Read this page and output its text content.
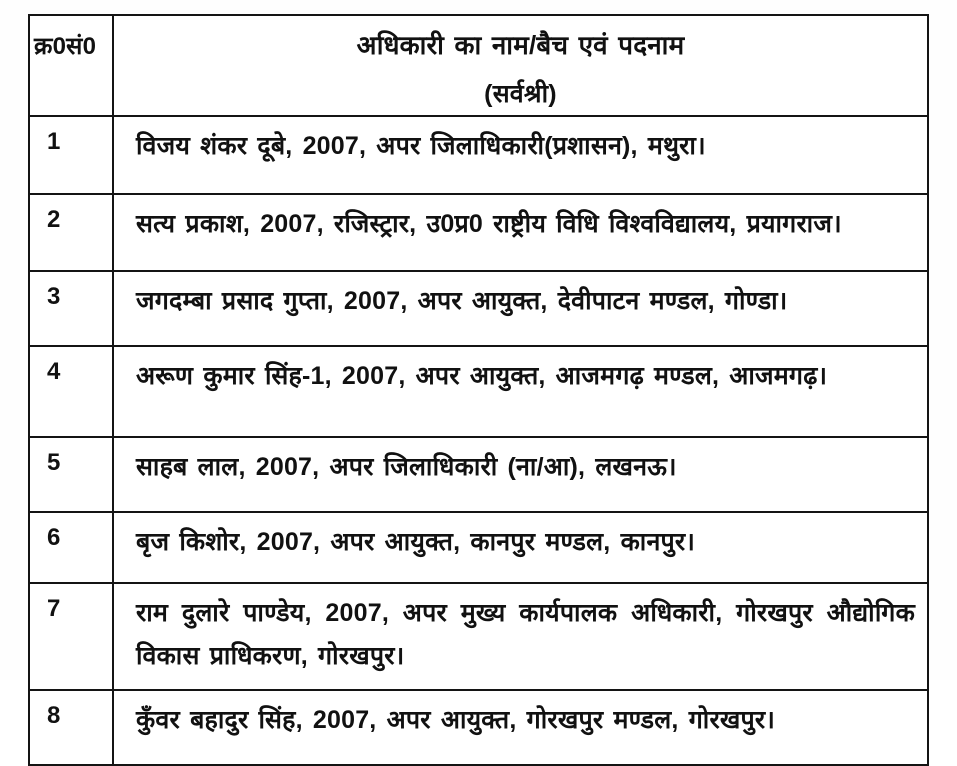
क्र0सं0	अधिकारी का नाम/बैच एवं पदनाम
(सर्वश्री)

1	विजय शंकर दूबे, 2007, अपर जिलाधिकारी(प्रशासन), मथुरा।
2	सत्य प्रकाश, 2007, रजिस्ट्रार, उ0प्र0 राष्ट्रीय विधि विश्वविद्यालय, प्रयागराज।
3	जगदम्बा प्रसाद गुप्ता, 2007, अपर आयुक्त, देवीपाटन मण्डल, गोण्डा।
4	अरूण कुमार सिंह-1, 2007, अपर आयुक्त, आजमगढ़ मण्डल, आजमगढ़।
5	साहब लाल, 2007, अपर जिलाधिकारी (ना/आ), लखनऊ।
6	बृज किशोर, 2007, अपर आयुक्त, कानपुर मण्डल, कानपुर।
7	राम दुलारे पाण्डेय, 2007, अपर मुख्य कार्यपालक अधिकारी, गोरखपुर औद्योगिक विकास प्राधिकरण, गोरखपुर।
8	कुँवर बहादुर सिंह, 2007, अपर आयुक्त, गोरखपुर मण्डल, गोरखपुर।
